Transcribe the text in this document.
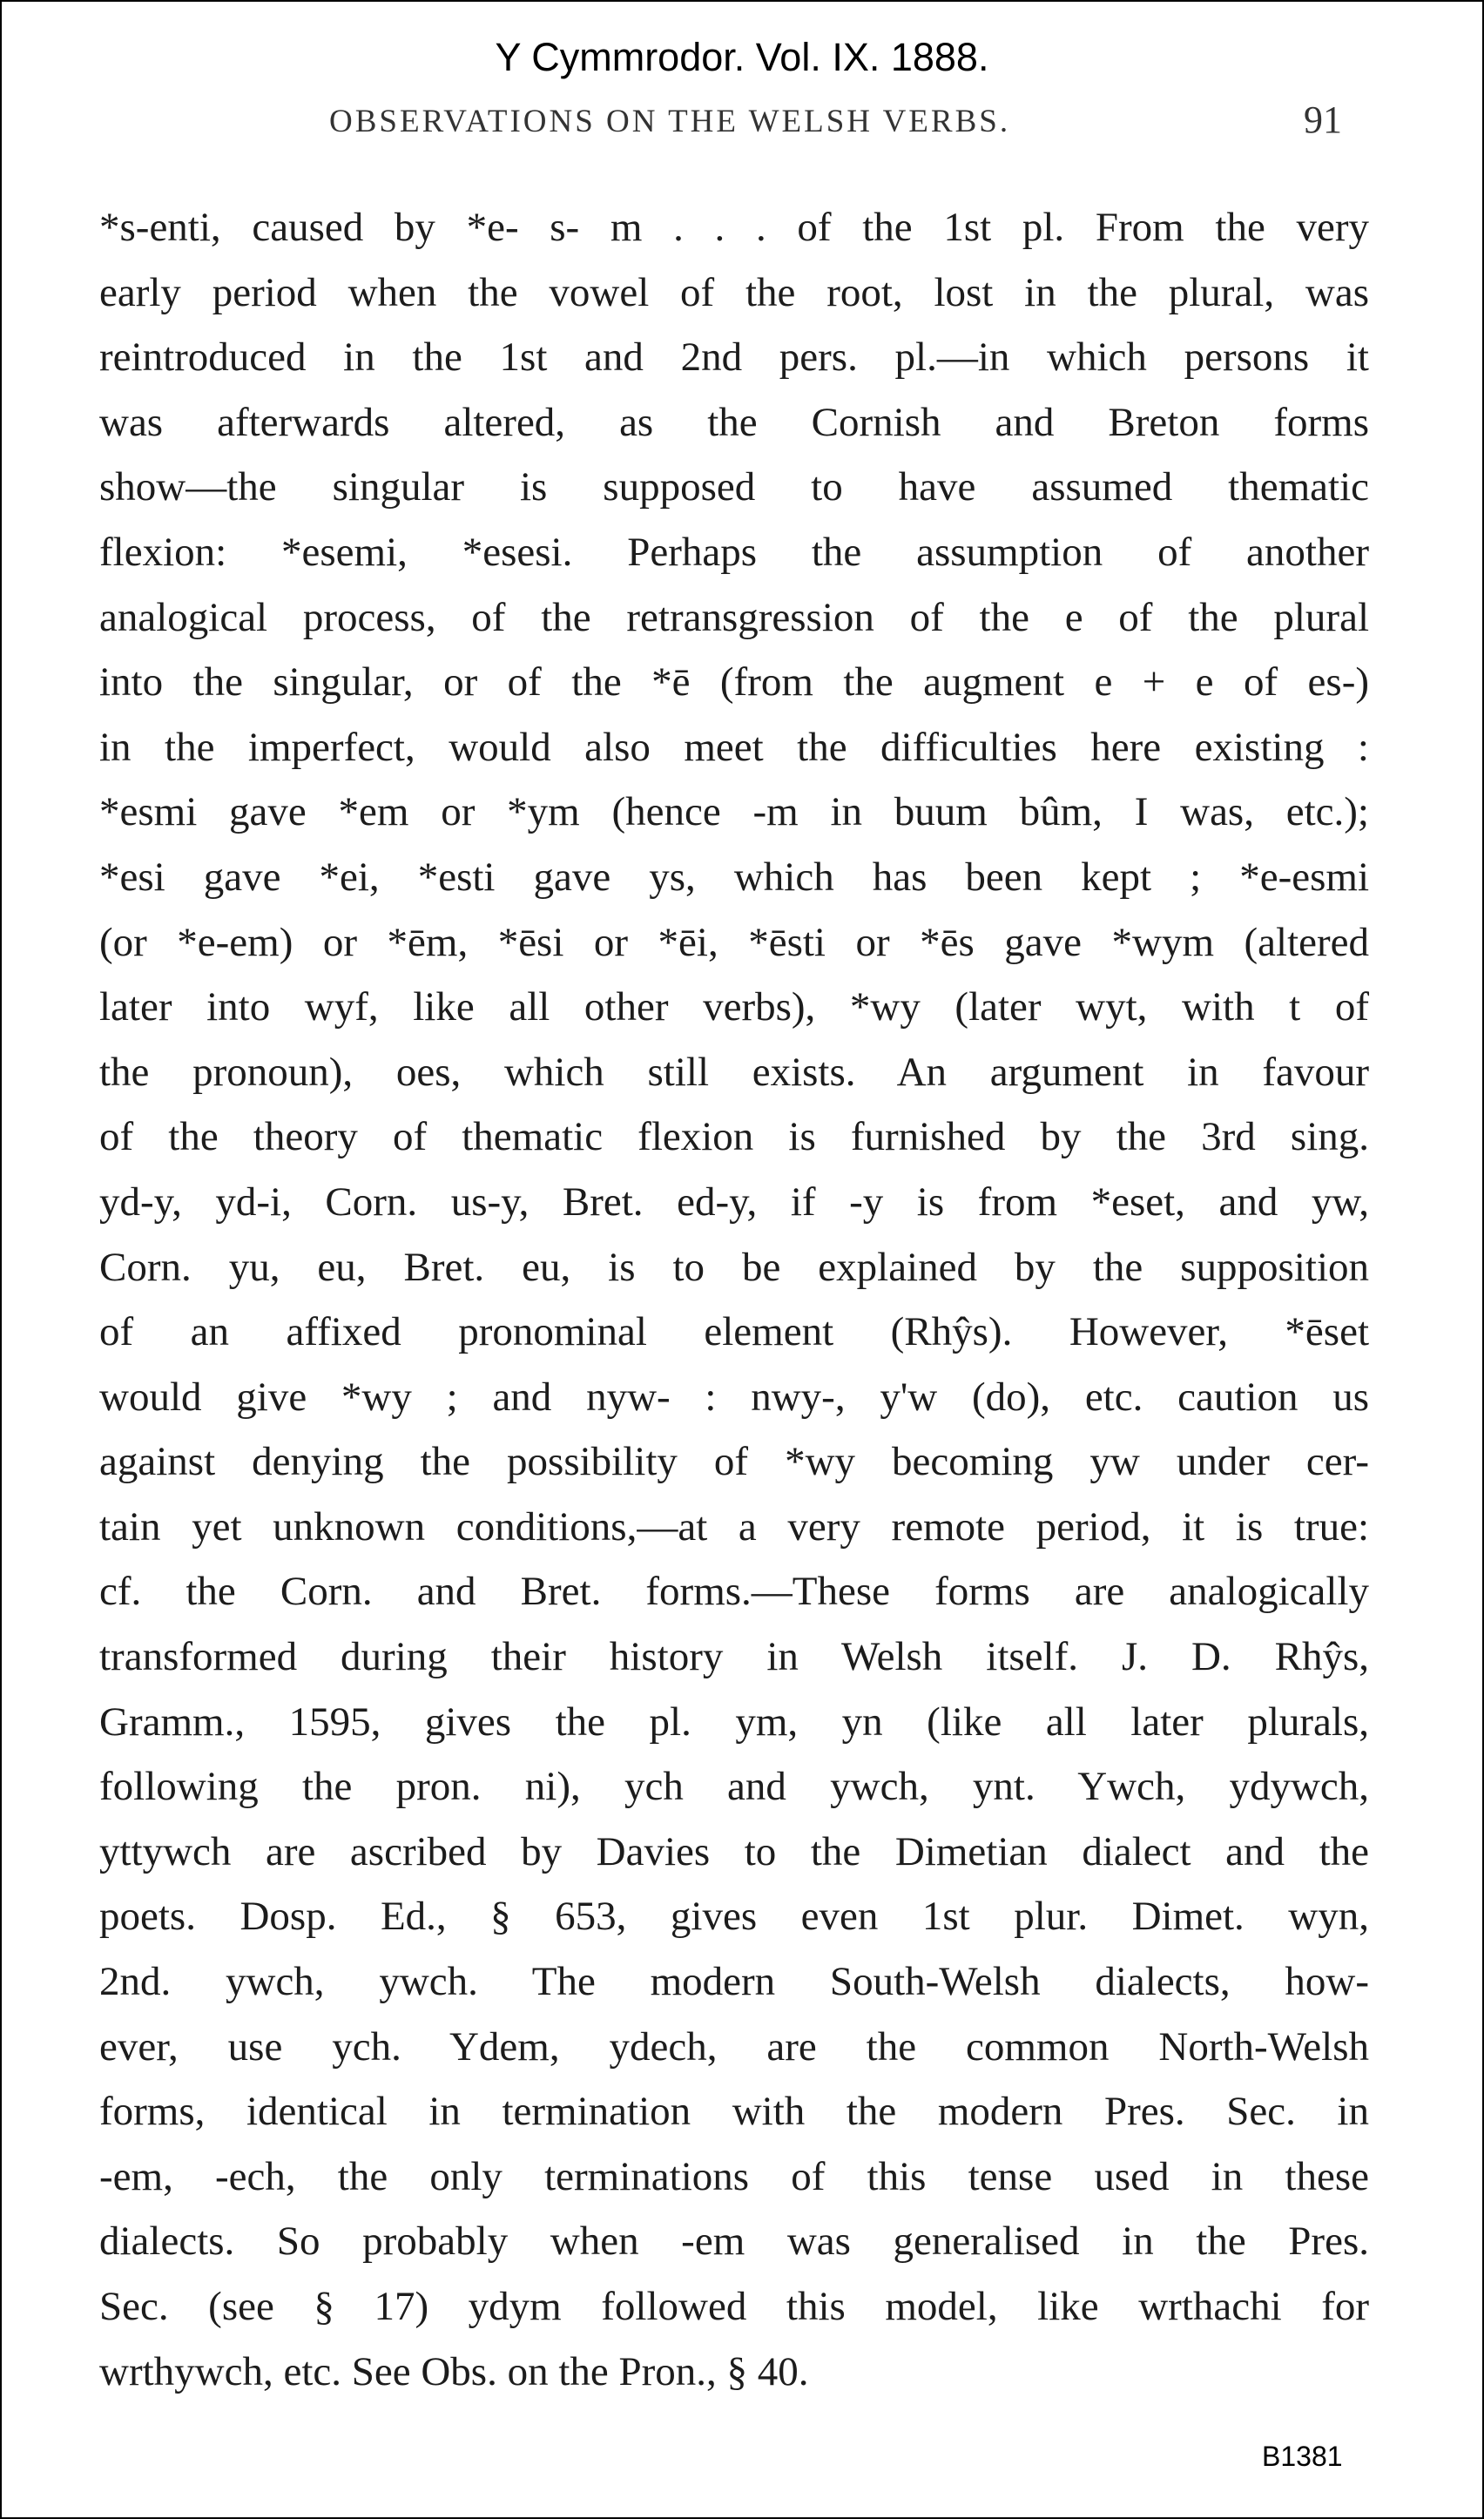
Y Cymmrodor. Vol. IX. 1888.
OBSERVATIONS ON THE WELSH VERBS.	91
*s-enti, caused by *e- s- m . . . of the 1st pl. From the very
early period when the vowel of the root, lost in the plural, was
reintroduced in the 1st and 2nd pers. pl.—in which persons it
was afterwards altered, as the Cornish and Breton forms
show—the singular is supposed to have assumed thematic
flexion: *esemi, *esesi. Perhaps the assumption of another
analogical process, of the retransgression of the e of the plural
into the singular, or of the *ē (from the augment e + e of es-)
in the imperfect, would also meet the difficulties here existing :
*esmi gave *em or *ym (hence -m in buum bûm, I was, etc.);
*esi gave *ei, *esti gave ys, which has been kept ; *e-esmi
(or *e-em) or *ēm, *ēsi or *ēi, *ēsti or *ēs gave *wym (altered
later into wyf, like all other verbs), *wy (later wyt, with t of
the pronoun), oes, which still exists. An argument in favour
of the theory of thematic flexion is furnished by the 3rd sing.
yd-y, yd-i, Corn. us-y, Bret. ed-y, if -y is from *eset, and yw,
Corn. yu, eu, Bret. eu, is to be explained by the supposition
of an affixed pronominal element (Rhŷs). However, *ēset
would give *wy ; and nyw- : nwy-, y'w (do), etc. caution us
against denying the possibility of *wy becoming yw under cer-
tain yet unknown conditions,—at a very remote period, it is true:
cf. the Corn. and Bret. forms.—These forms are analogically
transformed during their history in Welsh itself. J. D. Rhŷs,
Gramm., 1595, gives the pl. ym, yn (like all later plurals,
following the pron. ni), ych and ywch, ynt. Ywch, ydywch,
yttywch are ascribed by Davies to the Dimetian dialect and the
poets. Dosp. Ed., § 653, gives even 1st plur. Dimet. wyn,
2nd. ywch, ywch. The modern South-Welsh dialects, how-
ever, use ych. Ydem, ydech, are the common North-Welsh
forms, identical in termination with the modern Pres. Sec. in
-em, -ech, the only terminations of this tense used in these
dialects. So probably when -em was generalised in the Pres.
Sec. (see § 17) ydym followed this model, like wrthachi for
wrthywch, etc. See Obs. on the Pron., § 40.
B1381
